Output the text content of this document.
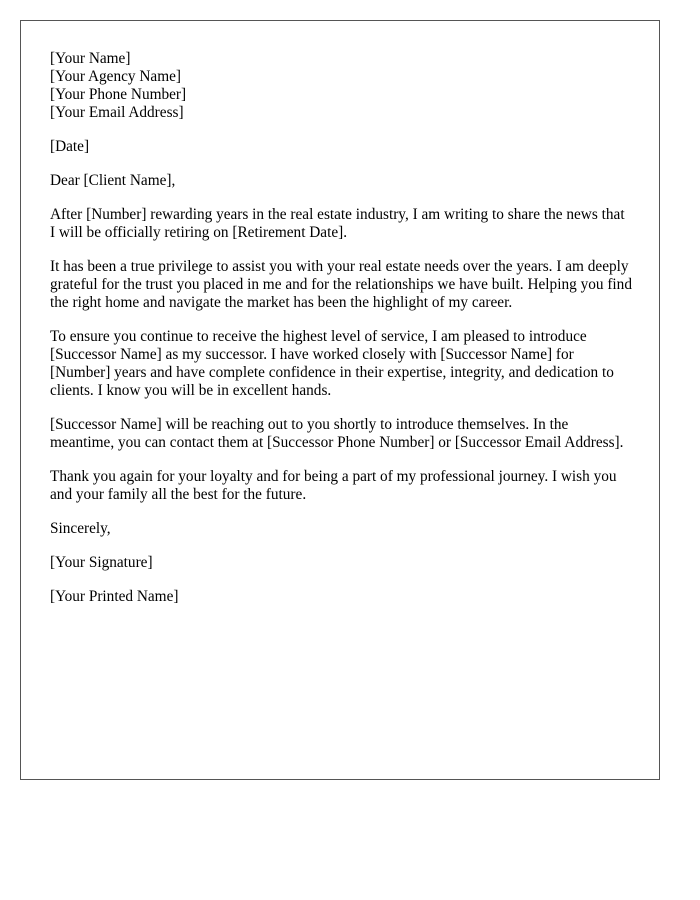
[Your Name]
[Your Agency Name]
[Your Phone Number]
[Your Email Address]

[Date]

Dear [Client Name],

After [Number] rewarding years in the real estate industry, I am writing to share the news that I will be officially retiring on [Retirement Date].

It has been a true privilege to assist you with your real estate needs over the years. I am deeply grateful for the trust you placed in me and for the relationships we have built. Helping you find the right home and navigate the market has been the highlight of my career.

To ensure you continue to receive the highest level of service, I am pleased to introduce [Successor Name] as my successor. I have worked closely with [Successor Name] for [Number] years and have complete confidence in their expertise, integrity, and dedication to clients. I know you will be in excellent hands.

[Successor Name] will be reaching out to you shortly to introduce themselves. In the meantime, you can contact them at [Successor Phone Number] or [Successor Email Address].

Thank you again for your loyalty and for being a part of my professional journey. I wish you and your family all the best for the future.

Sincerely,

[Your Signature]

[Your Printed Name]
